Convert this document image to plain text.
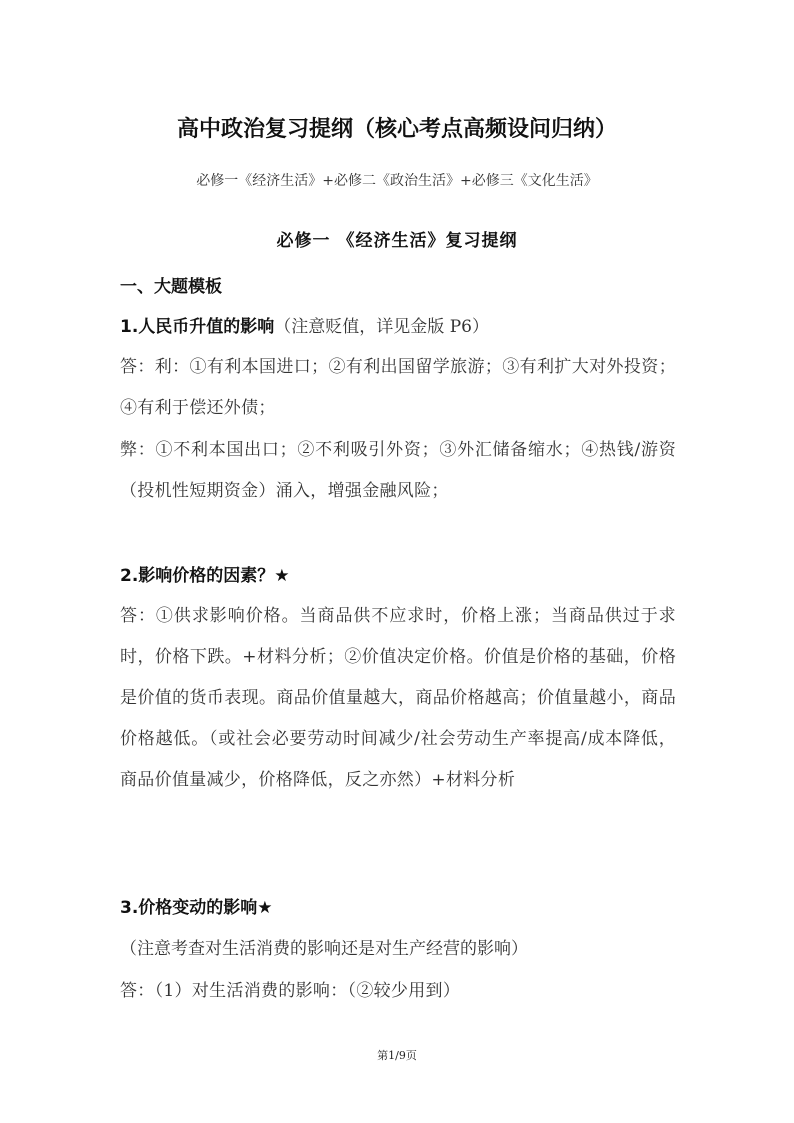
高中政治复习提纲（核心考点高频设问归纳）
必修一《经济生活》+必修二《政治生活》+必修三《文化生活》
必修一 《经济生活》复习提纲
一、大题模板
1.人民币升值的影响（注意贬值，详见金版 P6）
答：利：①有利本国进口；②有利出国留学旅游；③有利扩大对外投资；④有利于偿还外债；
弊：①不利本国出口；②不利吸引外资；③外汇储备缩水；④热钱/游资（投机性短期资金）涌入，增强金融风险；
2.影响价格的因素？★
答：①供求影响价格。当商品供不应求时，价格上涨；当商品供过于求时，价格下跌。+材料分析；②价值决定价格。价值是价格的基础，价格是价值的货币表现。商品价值量越大，商品价格越高；价值量越小，商品价格越低。（或社会必要劳动时间减少/社会劳动生产率提高/成本降低，商品价值量减少，价格降低，反之亦然）+材料分析
3.价格变动的影响★（注意考查对生活消费的影响还是对生产经营的影响）
答：（1）对生活消费的影响：（②较少用到）
第1/9页
